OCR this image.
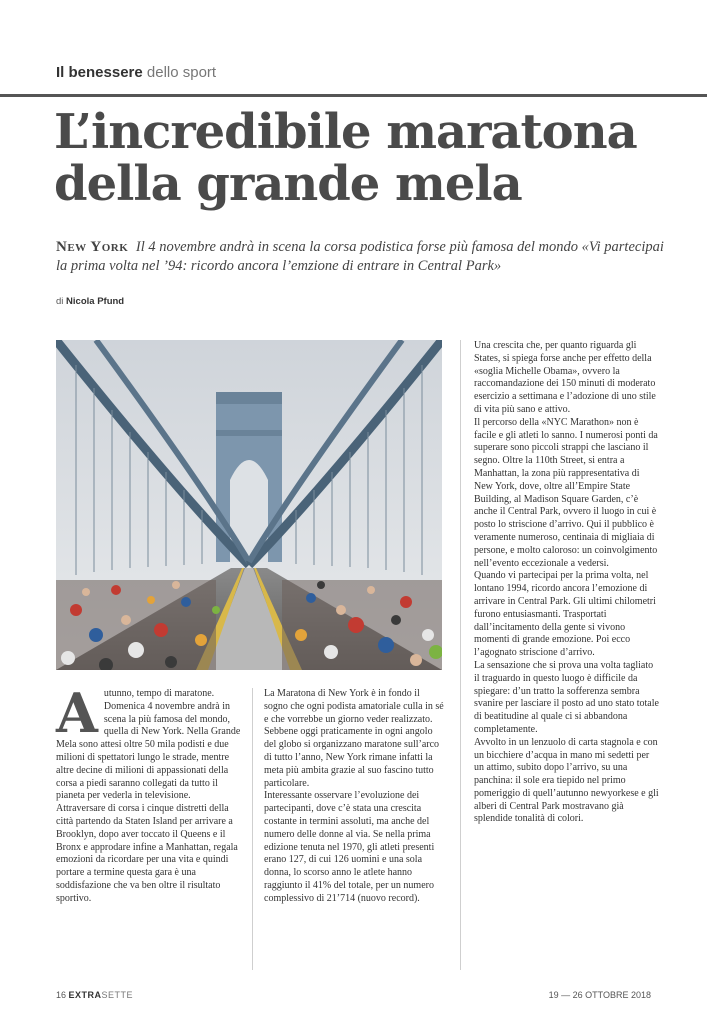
Il benessere dello sport
L’incredibile maratona
della grande mela
New York Il 4 novembre andrà in scena la corsa podistica forse più famosa del mondo «Vi partecipai la prima volta nel ’94: ricordo ancora l’emzione di entrare in Central Park»
di Nicola Pfund

Autunno, tempo di maratone. Domenica 4 novembre andrà in scena la più famosa del mondo, quella di New York. Nella Grande Mela sono attesi oltre 50 mila podisti e due milioni di spettatori lungo le strade, mentre altre decine di milioni di appassionati della corsa a piedi saranno collegati da tutto il pianeta per vederla in televisione.

Attraversare di corsa i cinque distretti della città partendo da Staten Island per arrivare a Brooklyn, dopo aver toccato il Queens e il Bronx e approdare infine a Manhattan, regala emozioni da ricordare per una vita e quindi portare a termine questa gara è una soddisfazione che va ben oltre il risultato sportivo.

La Maratona di New York è in fondo il sogno che ogni podista amatoriale culla in sé e che vorrebbe un giorno veder realizzato. Sebbene oggi praticamente in ogni angolo del globo si organizzano maratone sull’arco di tutto l’anno, New York rimane infatti la meta più ambita grazie al suo fascino tutto particolare.

Interessante osservare l’evoluzione dei partecipanti, dove c’è stata una crescita costante in termini assoluti, ma anche del numero delle donne al via. Se nella prima edizione tenuta nel 1970, gli atleti presenti erano 127, di cui 126 uomini e una sola donna, lo scorso anno le atlete hanno raggiunto il 41% del totale, per un numero complessivo di 21’714 (nuovo record).

Una crescita che, per quanto riguarda gli States, si spiega forse anche per effetto della «soglia Michelle Obama», ovvero la raccomandazione dei 150 minuti di moderato esercizio a settimana e l’adozione di uno stile di vita più sano e attivo.

Il percorso della «NYC Marathon» non è facile e gli atleti lo sanno. I numerosi ponti da superare sono piccoli strappi che lasciano il segno. Oltre la 110th Street, si entra a Manhattan, la zona più rappresentativa di New York, dove, oltre all’Empire State Building, al Madison Square Garden, c’è anche il Central Park, ovvero il luogo in cui è posto lo striscione d’arrivo. Qui il pubblico è veramente numeroso, centinaia di migliaia di persone, e molto caloroso: un coinvolgimento nell’evento eccezionale a vedersi.

Quando vi partecipai per la prima volta, nel lontano 1994, ricordo ancora l’emozione di arrivare in Central Park. Gli ultimi chilometri furono entusiasmanti. Trasportati dall’incitamento della gente si vivono momenti di grande emozione. Poi ecco l’agognato striscione d’arrivo.

La sensazione che si prova una volta tagliato il traguardo in questo luogo è difficile da spiegare: d’un tratto la sofferenza sembra svanire per lasciare il posto ad uno stato totale di beatitudine al quale ci si abbandona completamente.

Avvolto in un lenzuolo di carta stagnola e con un bicchiere d’acqua in mano mi sedetti per un attimo, subito dopo l’arrivo, su una panchina: il sole era tiepido nel primo pomeriggio di quell’autunno newyorkese e gli alberi di Central Park mostravano già splendide tonalità di colori.

16 EXTRASETTE	19 — 26 OTTOBRE 2018
